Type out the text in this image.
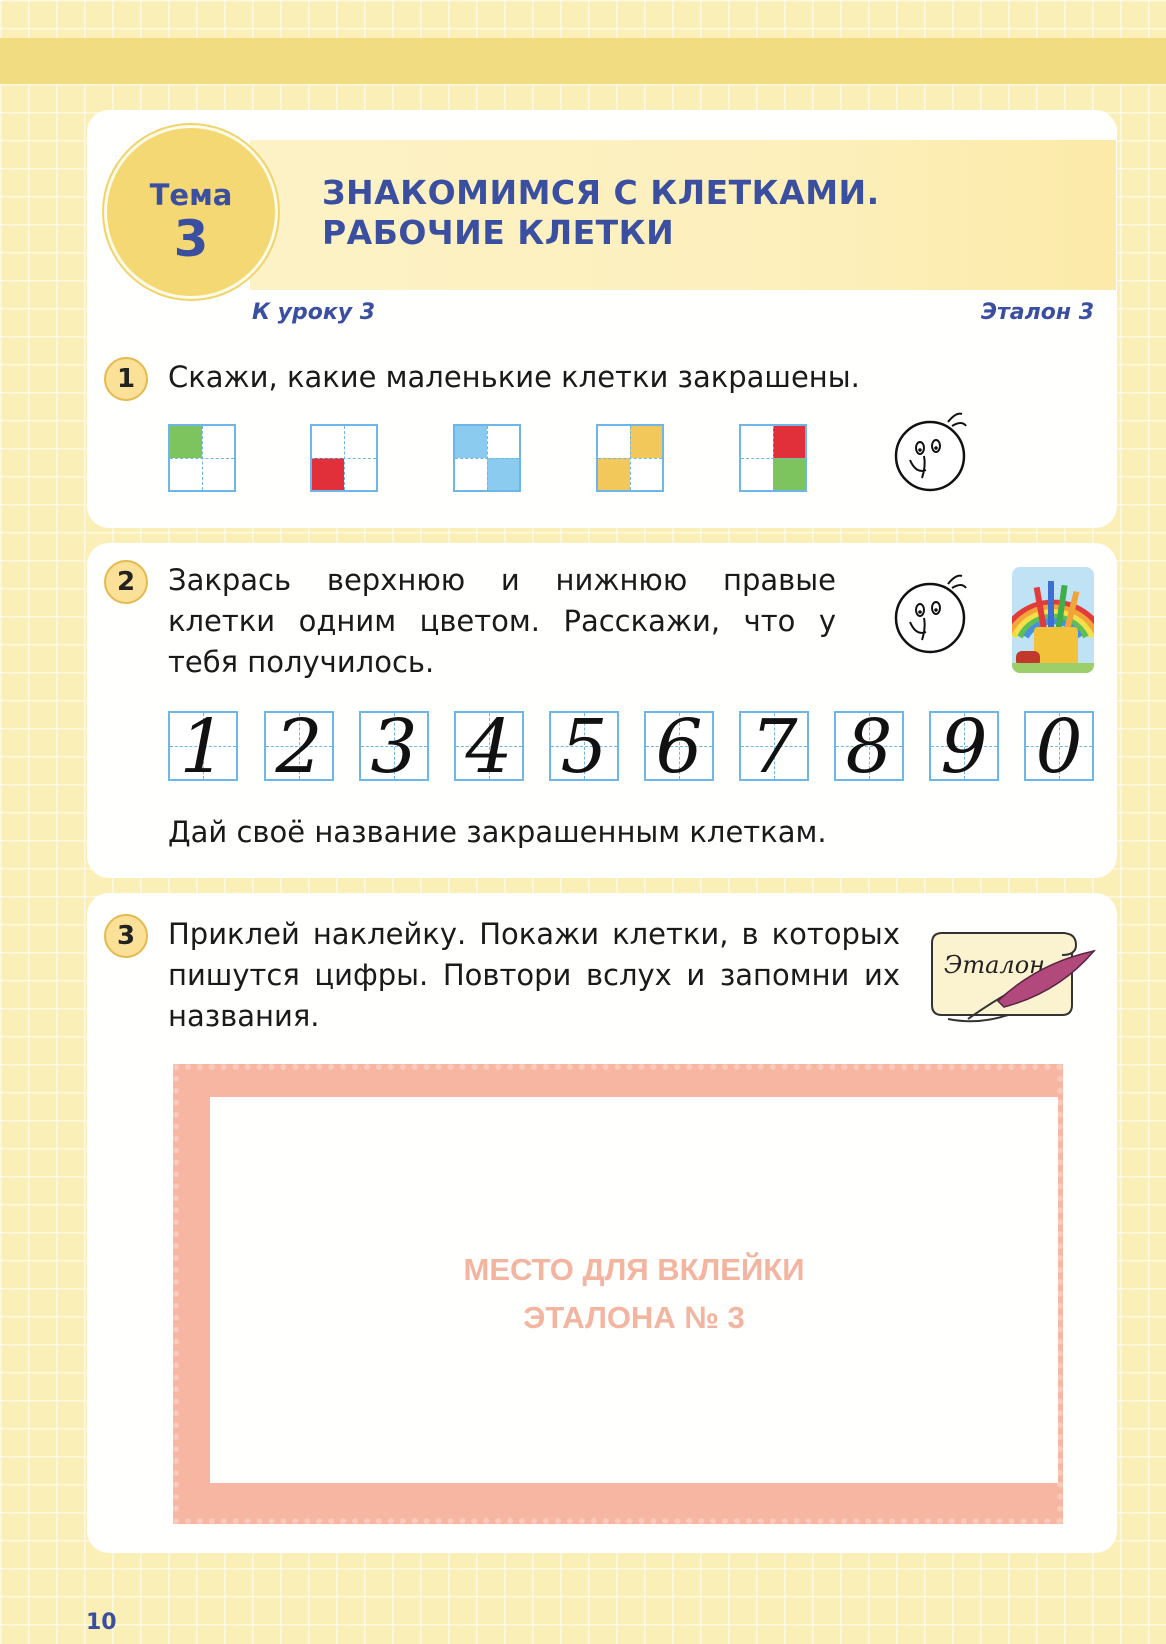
Тема
3
ЗНАКОМИМСЯ С КЛЕТКАМИ.
РАБОЧИЕ КЛЕТКИ
К уроку 3	Эталон 3
1	Скажи, какие маленькие клетки закрашены.
2	Закрась верхнюю и нижнюю правые клетки одним цветом. Расскажи, что у тебя получилось.
1 2 3 4 5 6 7 8 9 0
Дай своё название закрашенным клеткам.
3	Приклей наклейку. Покажи клетки, в которых пишутся цифры. Повтори вслух и запомни их названия.
Эталон
МЕСТО ДЛЯ ВКЛЕЙКИ
ЭТАЛОНА № 3
10
